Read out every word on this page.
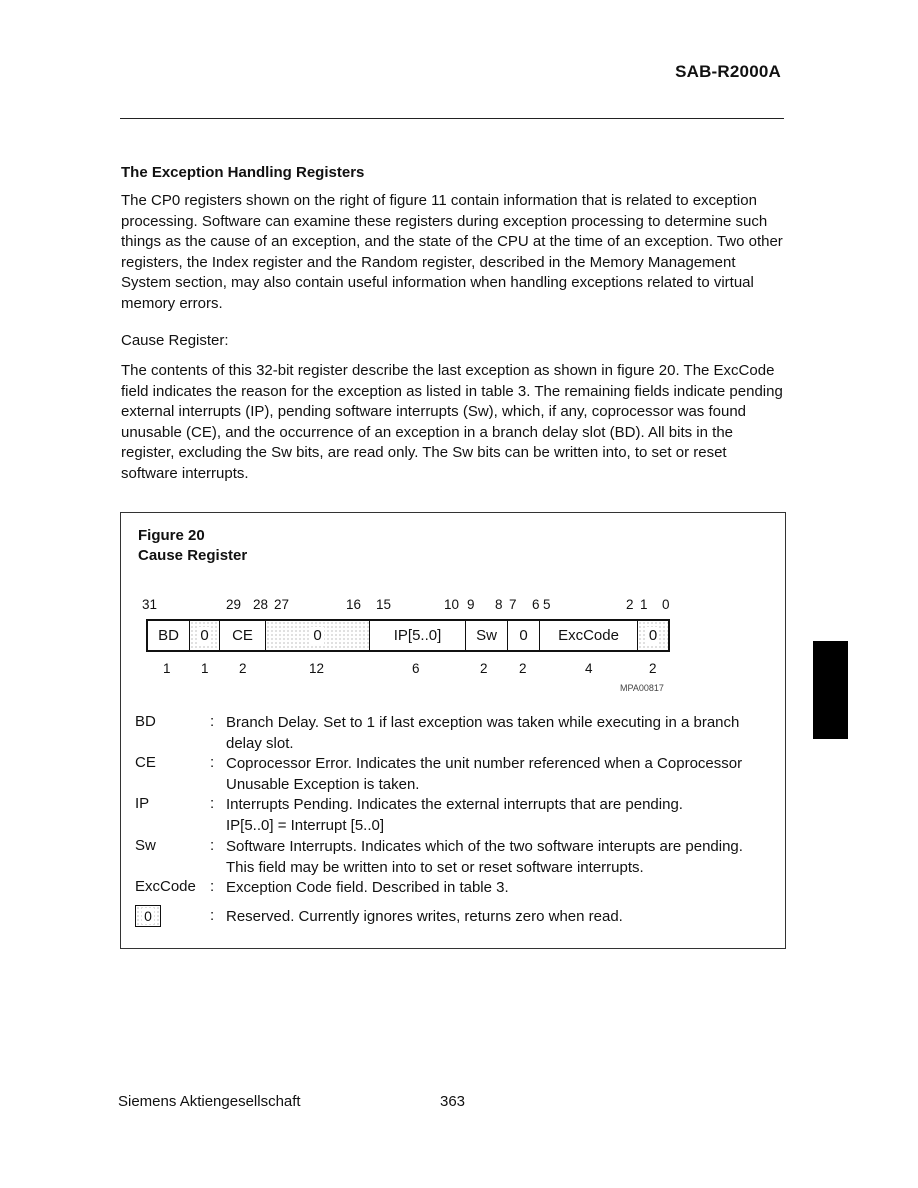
SAB-R2000A
The Exception Handling Registers
The CP0 registers shown on the right of figure 11 contain information that is related to exception processing. Software can examine these registers during exception processing to determine such things as the cause of an exception, and the state of the CPU at the time of an exception. Two other registers, the Index register and the Random register, described in the Memory Management System section, may also contain useful information when handling exceptions related to virtual memory errors.
Cause Register:
The contents of this 32-bit register describe the last exception as shown in figure 20. The ExcCode field indicates the reason for the exception as listed in table 3. The remaining fields indicate pending external interrupts (IP), pending software interrupts (Sw), which, if any, coprocessor was found unusable (CE), and the occurrence of an exception in a branch delay slot (BD). All bits in the register, excluding the Sw bits, are read only. The Sw bits can be written into, to set or reset software interrupts.
Figure 20
Cause Register
31	29 28 27	16 15	10 9 8 7 6 5	2 1 0
BD	0	CE	0	IP[5..0]	Sw	0	ExcCode	0
1 1 2	12	6	2 2	4	2
MPA00817
BD	: Branch Delay. Set to 1 if last exception was taken while executing in a branch delay slot.
CE	: Coprocessor Error. Indicates the unit number referenced when a Coprocessor Unusable Exception is taken.
IP	: Interrupts Pending. Indicates the external interrupts that are pending.
IP[5..0] = Interrupt [5..0]
Sw	: Software Interrupts. Indicates which of the two software interupts are pending. This field may be written into to set or reset software interrupts.
ExcCode : Exception Code field. Described in table 3.
0	: Reserved. Currently ignores writes, returns zero when read.
Siemens Aktiengesellschaft	363
